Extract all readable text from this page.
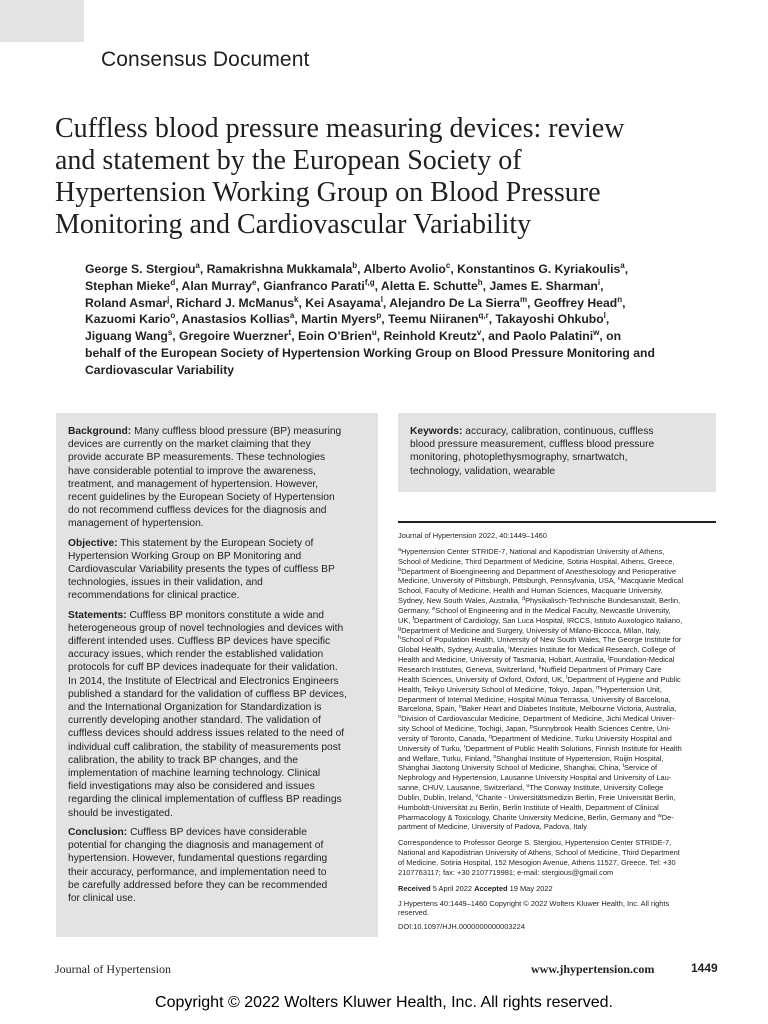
Consensus Document
Cuffless blood pressure measuring devices: review
and statement by the European Society of
Hypertension Working Group on Blood Pressure
Monitoring and Cardiovascular Variability
George S. Stergiou$^a$, Ramakrishna Mukkamala$^b$, Alberto Avolio$^c$, Konstantinos G. Kyriakoulis$^a$,
Stephan Mieke$^d$, Alan Murray$^e$, Gianfranco Parati$^{f,g}$, Aletta E. Schutte$^h$, James E. Sharman$^i$,
Roland Asmar$^j$, Richard J. McManus$^k$, Kei Asayama$^l$, Alejandro De La Sierra$^m$, Geoffrey Head$^n$,
Kazuomi Kario$^o$, Anastasios Kollias$^a$, Martin Myers$^p$, Teemu Niiranen$^{q,r}$, Takayoshi Ohkubo$^l$,
Jiguang Wang$^s$, Gregoire Wuerzner$^t$, Eoin O’Brien$^u$, Reinhold Kreutz$^v$, and Paolo Palatini$^w$, on
behalf of the European Society of Hypertension Working Group on Blood Pressure Monitoring and
Cardiovascular Variability

Background: Many cuffless blood pressure (BP) measuring
devices are currently on the market claiming that they
provide accurate BP measurements. These technologies
have considerable potential to improve the awareness,
treatment, and management of hypertension. However,
recent guidelines by the European Society of Hypertension
do not recommend cuffless devices for the diagnosis and
management of hypertension.

Objective: This statement by the European Society of
Hypertension Working Group on BP Monitoring and
Cardiovascular Variability presents the types of cuffless BP
technologies, issues in their validation, and
recommendations for clinical practice.

Statements: Cuffless BP monitors constitute a wide and
heterogeneous group of novel technologies and devices with
different intended uses. Cuffless BP devices have specific
accuracy issues, which render the established validation
protocols for cuff BP devices inadequate for their validation.
In 2014, the Institute of Electrical and Electronics Engineers
published a standard for the validation of cuffless BP devices,
and the International Organization for Standardization is
currently developing another standard. The validation of
cuffless devices should address issues related to the need of
individual cuff calibration, the stability of measurements post
calibration, the ability to track BP changes, and the
implementation of machine learning technology. Clinical
field investigations may also be considered and issues
regarding the clinical implementation of cuffless BP readings
should be investigated.

Conclusion: Cuffless BP devices have considerable
potential for changing the diagnosis and management of
hypertension. However, fundamental questions regarding
their accuracy, performance, and implementation need to
be carefully addressed before they can be recommended
for clinical use.

Keywords: accuracy, calibration, continuous, cuffless
blood pressure measurement, cuffless blood pressure
monitoring, photoplethysmography, smartwatch,
technology, validation, wearable
Journal of Hypertension 2022, 40:1449–1460
$^a$Hypertension Center STRIDE-7, National and Kapodistrian University of Athens,
School of Medicine, Third Department of Medicine, Sotiria Hospital, Athens, Greece,
$^b$Department of Bioengineering and Department of Anesthesiology and Perioperative
Medicine, University of Pittsburgh, Pittsburgh, Pennsylvania, USA, $^c$Macquarie Medical
School, Faculty of Medicine, Health and Human Sciences, Macquarie University,
Sydney, New South Wales, Australia, $^d$Physikalisch-Technische Bundesanstalt, Berlin,
Germany, $^e$School of Engineering and in the Medical Faculty, Newcastle University,
UK, $^f$Department of Cardiology, San Luca Hospital, IRCCS, Istituto Auxologico Italiano,
$^g$Department of Medicine and Surgery, University of Milano-Bicocca, Milan, Italy,
$^h$School of Population Health, University of New South Wales, The George Institute for
Global Health, Sydney, Australia, $^i$Menzies Institute for Medical Research, College of
Health and Medicine, University of Tasmania, Hobart, Australia, $^j$Foundation-Medical
Research Institutes, Geneva, Switzerland, $^k$Nuffield Department of Primary Care
Health Sciences, University of Oxford, Oxford, UK, $^l$Department of Hygiene and Public
Health, Teikyo University School of Medicine, Tokyo, Japan, $^m$Hypertension Unit,
Department of Internal Medicine, Hospital Mútua Terrassa, University of Barcelona,
Barcelona, Spain, $^n$Baker Heart and Diabetes Institute, Melbourne Victoria, Australia,
$^o$Division of Cardiovascular Medicine, Department of Medicine, Jichi Medical Univer-
sity School of Medicine, Tochigi, Japan, $^p$Sunnybrook Health Sciences Centre, Uni-
versity of Toronto, Canada, $^q$Department of Medicine, Turku University Hospital and
University of Turku, $^r$Department of Public Health Solutions, Finnish Institute for Health
and Welfare, Turku, Finland, $^s$Shanghai Institute of Hypertension, Ruijin Hospital,
Shanghai Jiaotong University School of Medicine, Shanghai, China, $^t$Service of
Nephrology and Hypertension, Lausanne University Hospital and University of Lau-
sanne, CHUV, Lausanne, Switzerland, $^u$The Conway Institute, University College
Dublin, Dublin, Ireland, $^v$Charite - Universitätsmedizin Berlin, Freie Universität Berlin,
Humboldt-Universität zu Berlin, Berlin Institute of Health, Department of Clinical
Pharmacology & Toxicology, Charite University Medicine, Berlin, Germany and $^w$De-
partment of Medicine, University of Padova, Padova, Italy
Correspondence to Professor George S. Stergiou, Hypertension Center STRIDE-7,
National and Kapodistrian University of Athens, School of Medicine, Third Department
of Medicine, Sotiria Hospital, 152 Mesogion Avenue, Athens 11527, Greece. Tel: +30
2107763117; fax: +30 2107719981; e-mail: stergious@gmail.com
Received 5 April 2022 Accepted 19 May 2022
J Hypertens 40:1449–1460 Copyright © 2022 Wolters Kluwer Health, Inc. All rights
reserved.
DOI:10.1097/HJH.0000000000003224
Journal of Hypertension	www.jhypertension.com	1449
Copyright © 2022 Wolters Kluwer Health, Inc. All rights reserved.
